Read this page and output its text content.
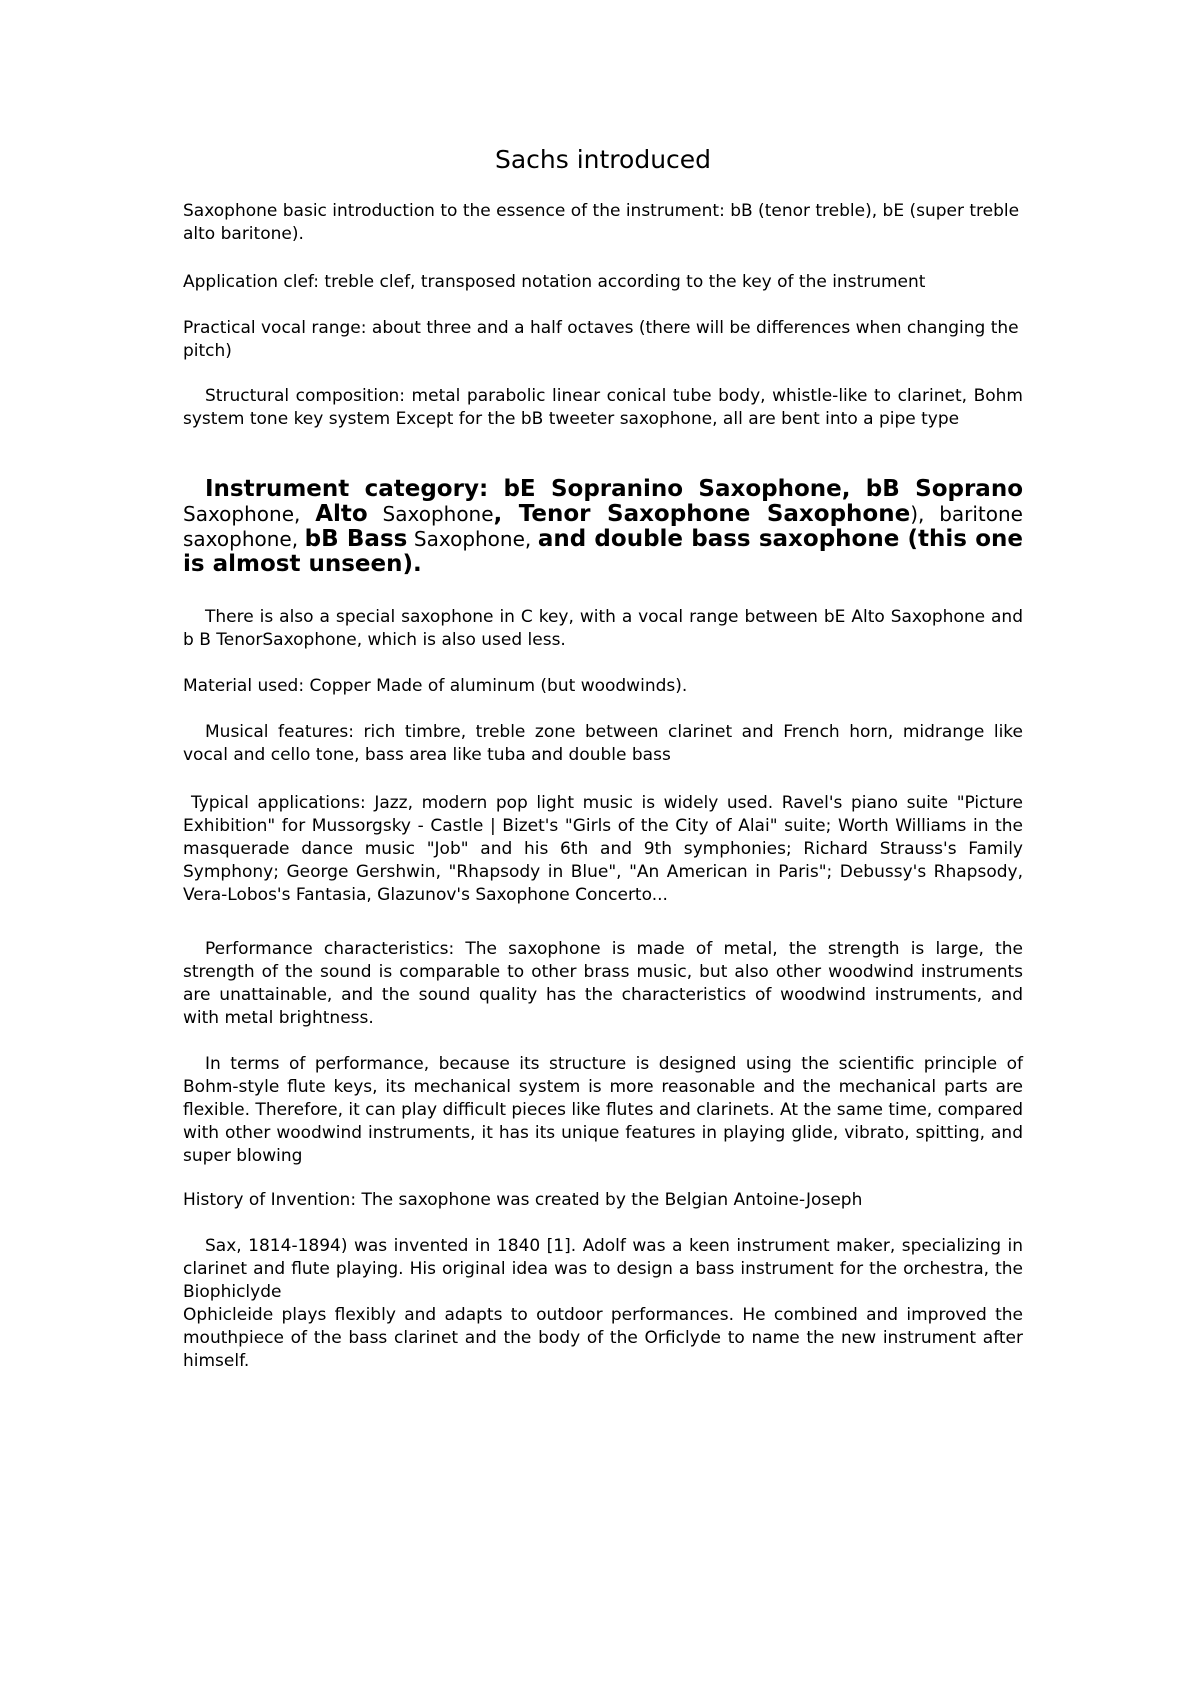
Sachs introduced

Saxophone basic introduction to the essence of the instrument: bB (tenor treble), bE (super treble alto baritone).

Application clef: treble clef, transposed notation according to the key of the instrument

Practical vocal range: about three and a half octaves (there will be differences when changing the pitch)

Structural composition: metal parabolic linear conical tube body, whistle-like to clarinet, Bohm system tone key system Except for the bB tweeter saxophone, all are bent into a pipe type

Instrument category: bE Sopranino Saxophone, bB Soprano Saxophone, Alto Saxophone, Tenor Saxophone Saxophone), baritone saxophone, bB Bass Saxophone, and double bass saxophone (this one is almost unseen).

There is also a special saxophone in C key, with a vocal range between bE Alto Saxophone and b B TenorSaxophone, which is also used less.

Material used: Copper Made of aluminum (but woodwinds).

Musical features: rich timbre, treble zone between clarinet and French horn, midrange like vocal and cello tone, bass area like tuba and double bass

Typical applications: Jazz, modern pop light music is widely used. Ravel's piano suite "Picture Exhibition" for Mussorgsky - Castle | Bizet's "Girls of the City of Alai" suite; Worth Williams in the masquerade dance music "Job" and his 6th and 9th symphonies; Richard Strauss's Family Symphony; George Gershwin, "Rhapsody in Blue", "An American in Paris"; Debussy's Rhapsody, Vera-Lobos's Fantasia, Glazunov's Saxophone Concerto...

Performance characteristics: The saxophone is made of metal, the strength is large, the strength of the sound is comparable to other brass music, but also other woodwind instruments are unattainable, and the sound quality has the characteristics of woodwind instruments, and with metal brightness.

In terms of performance, because its structure is designed using the scientific principle of Bohm-style flute keys, its mechanical system is more reasonable and the mechanical parts are flexible. Therefore, it can play difficult pieces like flutes and clarinets. At the same time, compared with other woodwind instruments, it has its unique features in playing glide, vibrato, spitting, and super blowing

History of Invention: The saxophone was created by the Belgian Antoine-Joseph

Sax, 1814-1894) was invented in 1840 [1]. Adolf was a keen instrument maker, specializing in clarinet and flute playing. His original idea was to design a bass instrument for the orchestra, the Biophiclyde

Ophicleide plays flexibly and adapts to outdoor performances. He combined and improved the mouthpiece of the bass clarinet and the body of the Orficlyde to name the new instrument after himself.
